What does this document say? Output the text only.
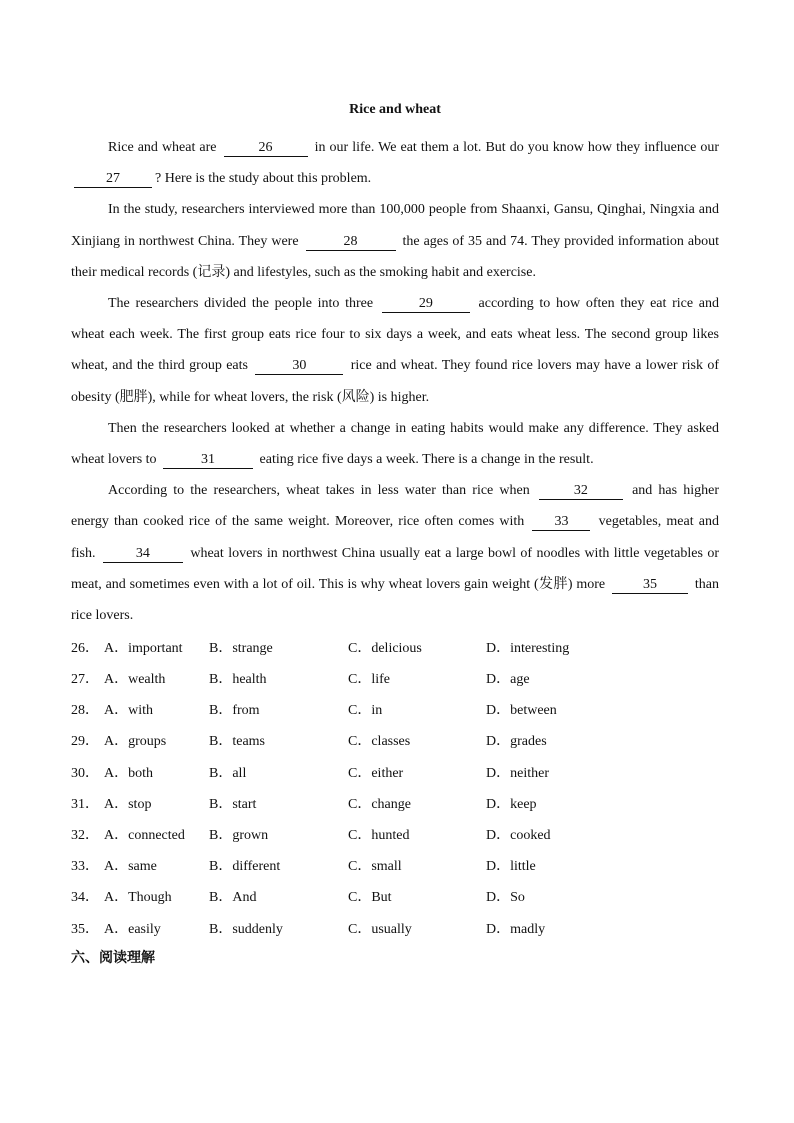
Rice and wheat

Rice and wheat are	26	in our life. We eat them a lot. But do you know how they influence our 27	? Here is the study about this problem.

In the study, researchers interviewed more than 100,000 people from Shaanxi, Gansu, Qinghai, Ningxia and Xinjiang in northwest China. They were	28	the ages of 35 and 74. They provided information about their medical records (记录) and lifestyles, such as the smoking habit and exercise.

The researchers divided the people into three	29	according to how often they eat rice and wheat each week. The first group eats rice four to six days a week, and eats wheat less. The second group likes wheat, and the third group eats	30	rice and wheat. They found rice lovers may have a lower risk of obesity (肥胖), while for wheat lovers, the risk (风险) is higher.

Then the researchers looked at whether a change in eating habits would make any difference. They asked wheat lovers to	31	eating rice five days a week. There is a change in the result.

According to the researchers, wheat takes in less water than rice when	32	and has higher energy than cooked rice of the same weight. Moreover, rice often comes with 33 vegetables, meat and fish.	34	wheat lovers in northwest China usually eat a large bowl of noodles with little vegetables or meat, and sometimes even with a lot of oil. This is why wheat lovers gain weight (发胖) more	35	than rice lovers.

26． A．important	B．strange	C．delicious	D．interesting
27． A．wealth	B．health	C．life	D．age
28． A．with	B．from	C．in	D．between
29． A．groups	B．teams	C．classes	D．grades
30． A．both	B．all	C．either	D．neither
31． A．stop	B．start	C．change	D．keep
32． A．connected	B．grown	C．hunted	D．cooked
33． A．same	B．different	C．small	D．little
34． A．Though	B．And	C．But	D．So
35． A．easily	B．suddenly	C．usually	D．madly
六、阅读理解
